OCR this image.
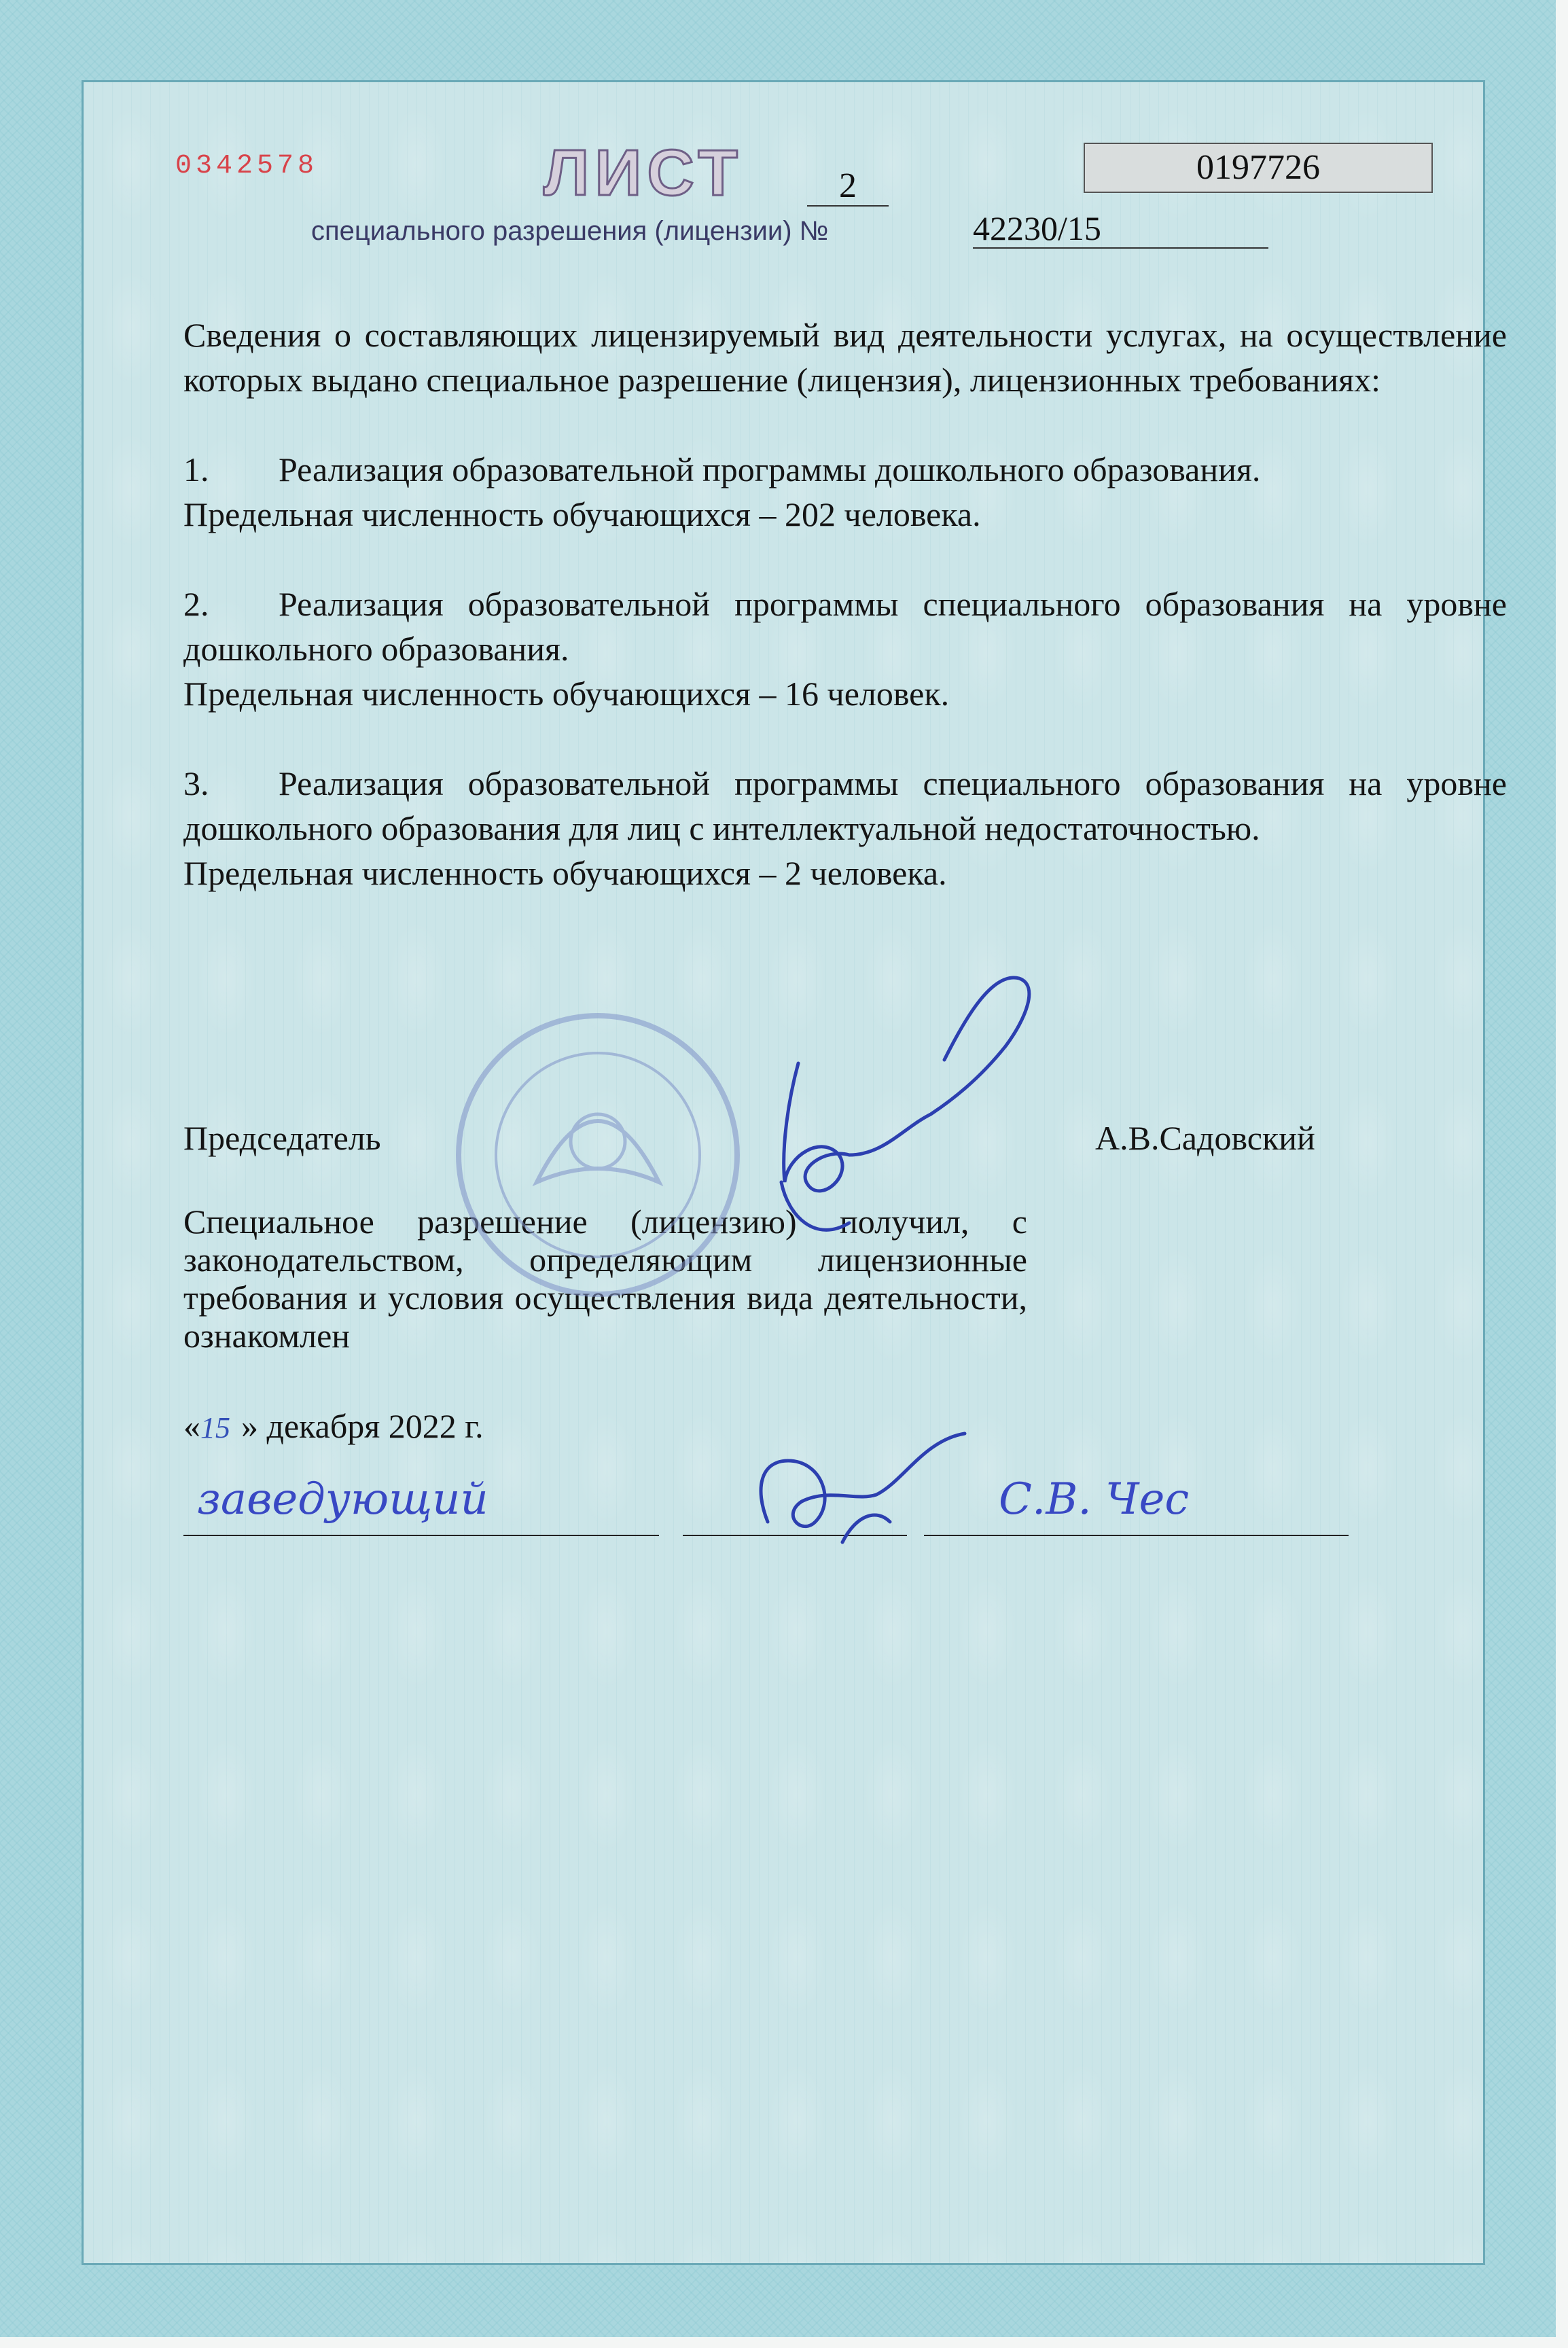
0342578	ЛИСТ	2	0197726
специального разрешения (лицензии) №	42230/15

Сведения о составляющих лицензируемый вид деятельности услугах, на осуществление которых выдано специальное разрешение (лицензия), лицензионных требованиях:

1. Реализация образовательной программы дошкольного образования.

Предельная численность обучающихся – 202 человека.

2. Реализация образовательной программы специального образования на уровне дошкольного образования.

Предельная численность обучающихся – 16 человек.

3. Реализация образовательной программы специального образования на уровне дошкольного образования для лиц с интеллектуальной недостаточностью.

Предельная численность обучающихся – 2 человека.

Председатель	А.В.Садовский
Специальное разрешение (лицензию) получил, с законодательством, определяющим лицензионные требования и условия осуществления вида деятельности, ознакомлен
«15 » декабря 2022 г.
заведующий	С.В. Чес
